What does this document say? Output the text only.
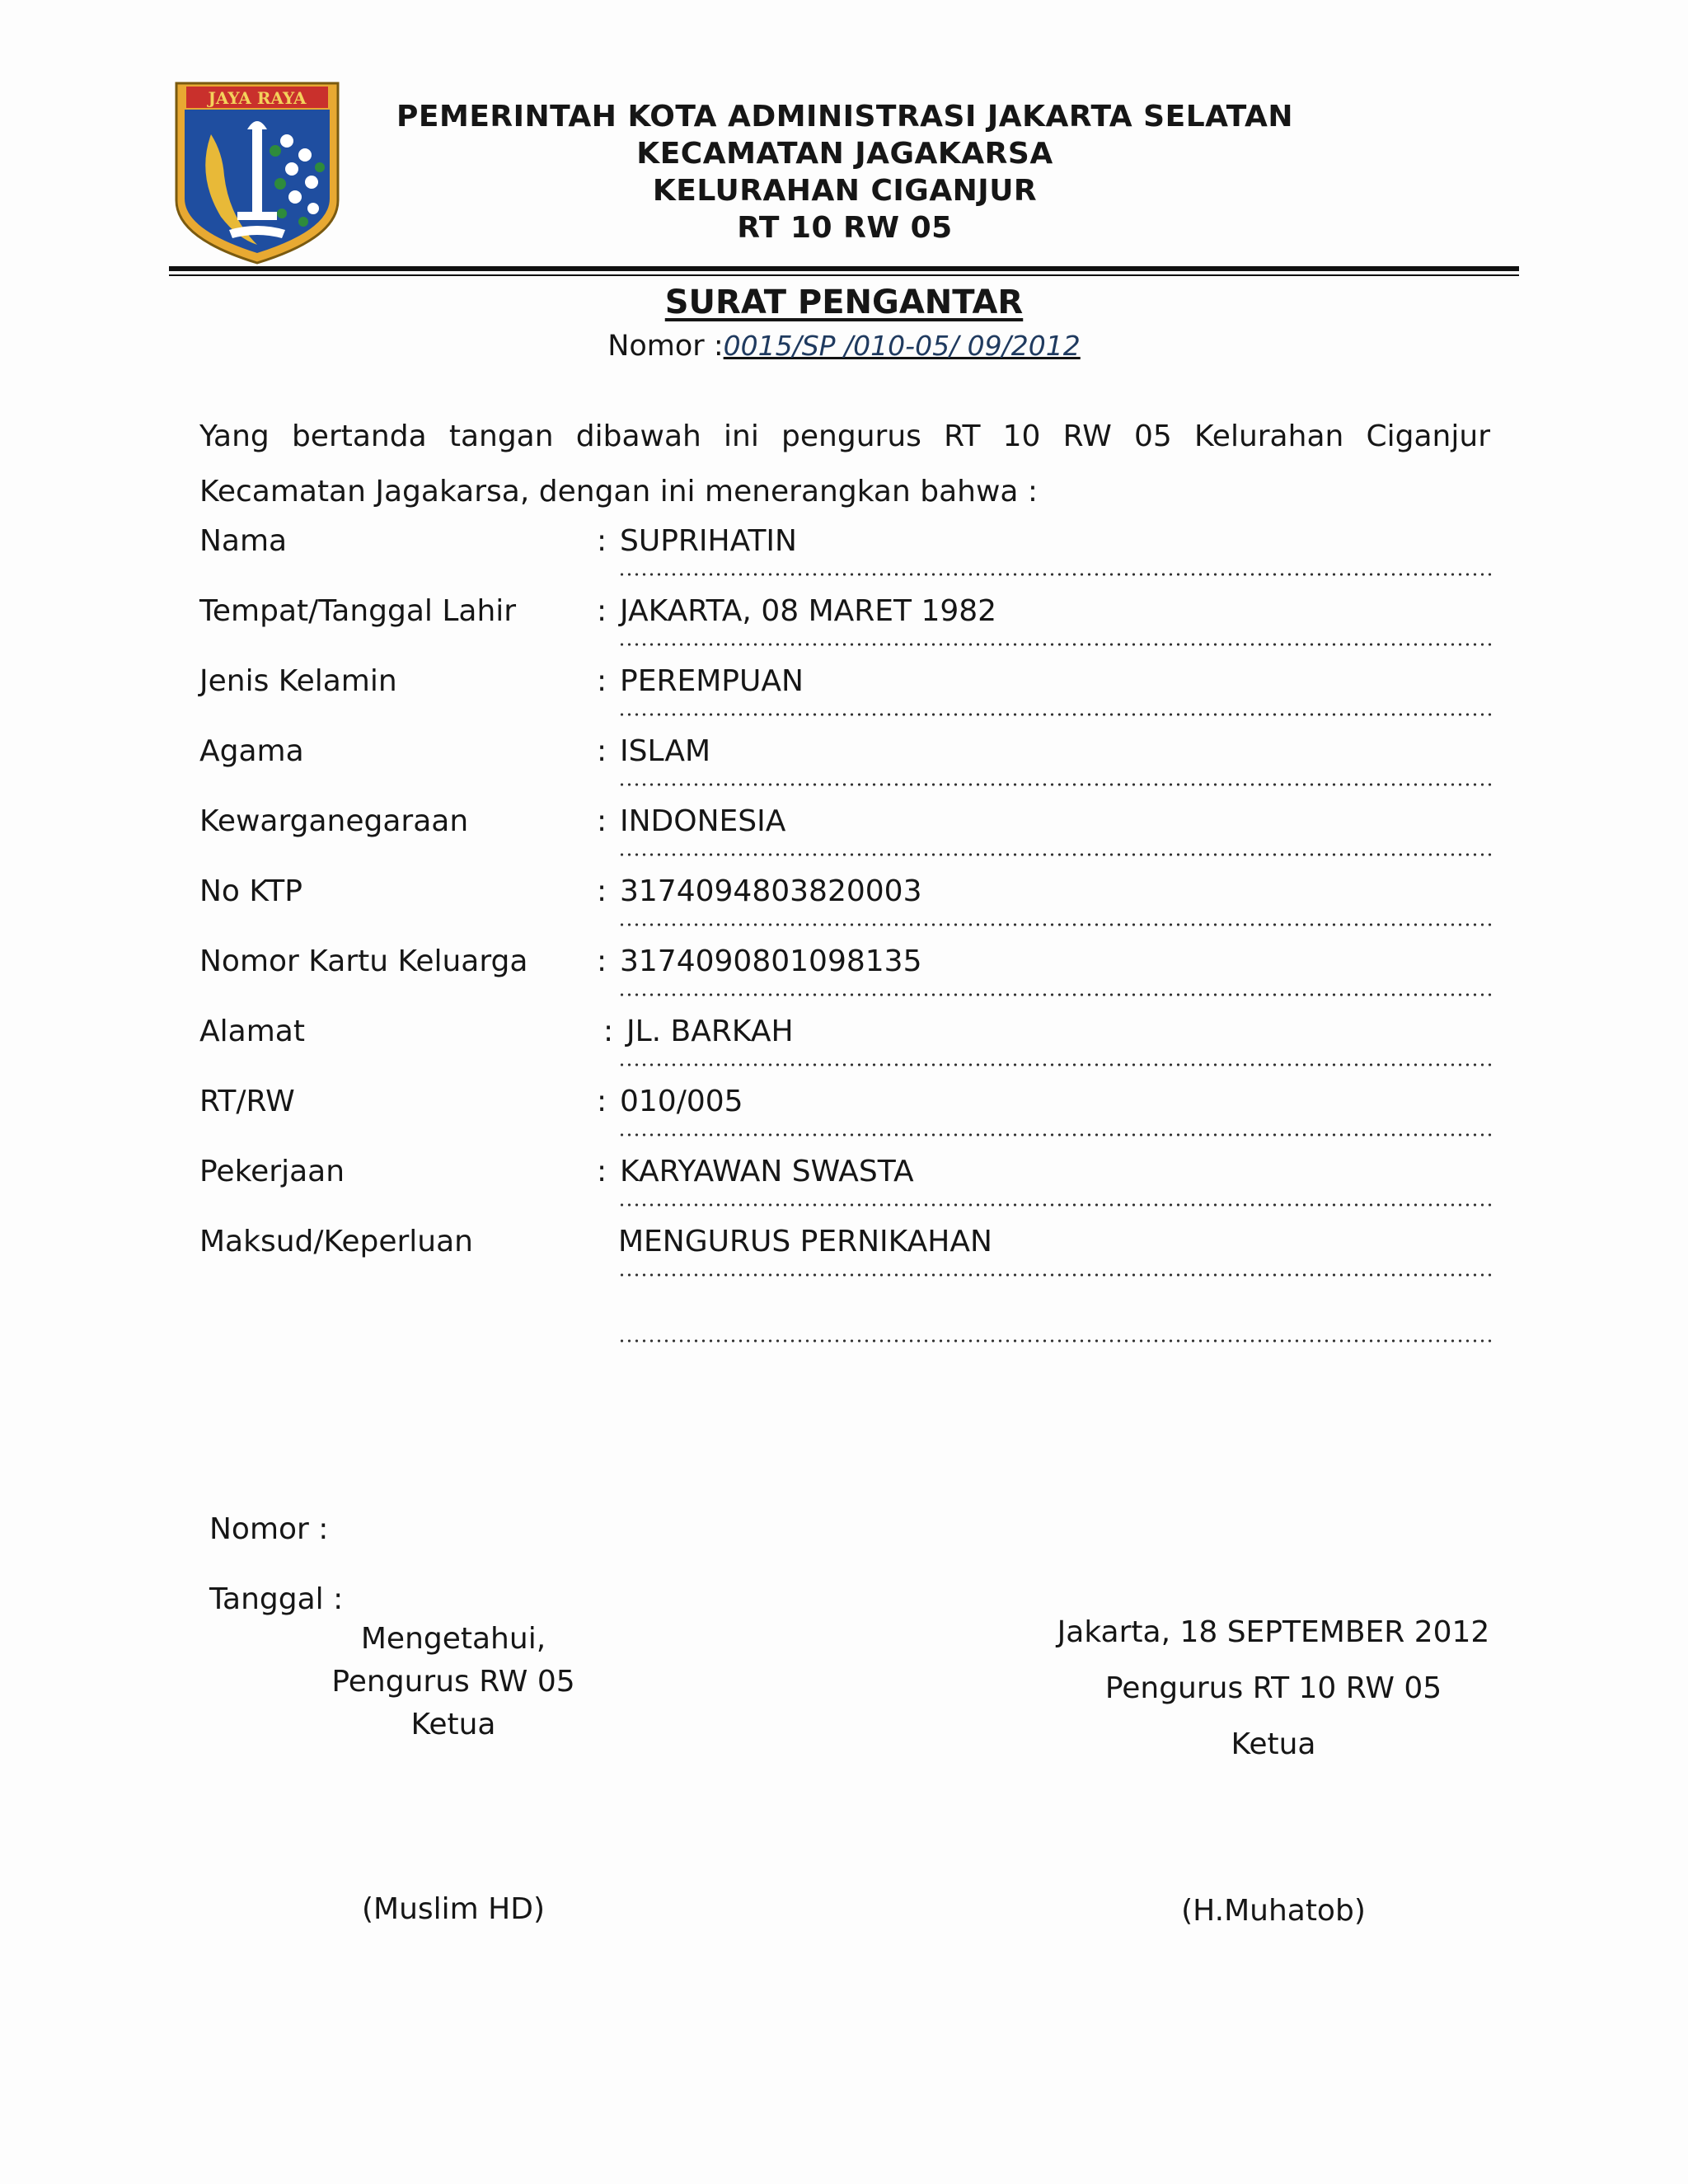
JAYA RAYA
PEMERINTAH KOTA ADMINISTRASI JAKARTA SELATAN
KECAMATAN JAGAKARSA
KELURAHAN CIGANJUR
RT 10 RW 05
SURAT PENGANTAR
Nomor :0015/SP /010-05/ 09/2012
Yang bertanda tangan dibawah ini pengurus RT 10 RW 05 Kelurahan Ciganjur Kecamatan Jagakarsa, dengan ini menerangkan bahwa :
Nama	: SUPRIHATIN
Tempat/Tanggal Lahir	: JAKARTA, 08 MARET 1982
Jenis Kelamin	: PEREMPUAN
Agama	: ISLAM
Kewarganegaraan	: INDONESIA
No KTP	: 3174094803820003
Nomor Kartu Keluarga : 3174090801098135
Alamat	: JL. BARKAH
RT/RW	: 010/005
Pekerjaan	: KARYAWAN SWASTA
Maksud/Keperluan	MENGURUS PERNIKAHAN
Nomor :
Tanggal :
Mengetahui,
Pengurus RW 05
Ketua
(Muslim HD)
Jakarta, 18 SEPTEMBER 2012
Pengurus RT 10 RW 05
Ketua
(H.Muhatob)
